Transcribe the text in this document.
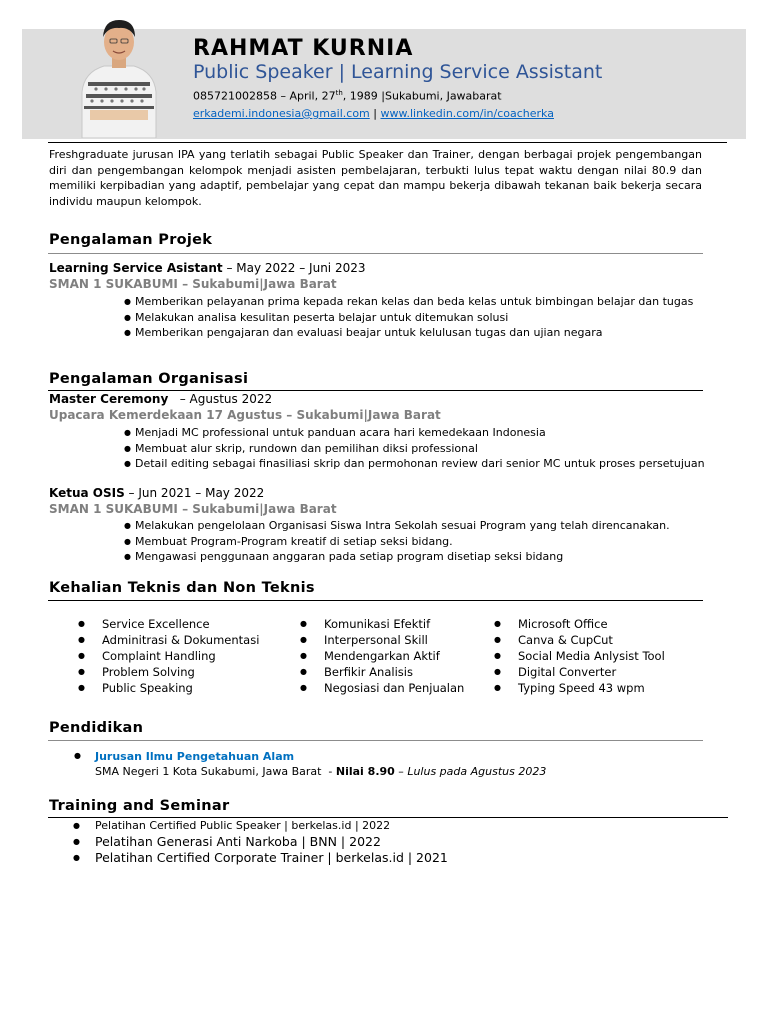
RAHMAT KURNIA
Public Speaker | Learning Service Assistant
085721002858 – April, 27th, 1989 |Sukabumi, Jawabarat
erkademi.indonesia@gmail.com | www.linkedin.com/in/coacherka
Freshgraduate jurusan IPA yang terlatih sebagai Public Speaker dan Trainer, dengan berbagai projek pengembangan diri dan pengembangan kelompok menjadi asisten pembelajaran, terbukti lulus tepat waktu dengan nilai 80.9 dan memiliki kerpibadian yang adaptif, pembelajar yang cepat dan mampu bekerja dibawah tekanan baik bekerja secara individu maupun kelompok.
Pengalaman Projek
Learning Service Asistant – May 2022 – Juni 2023
SMAN 1 SUKABUMI – Sukabumi|Jawa Barat
● Memberikan pelayanan prima kepada rekan kelas dan beda kelas untuk bimbingan belajar dan tugas
● Melakukan analisa kesulitan peserta belajar untuk ditemukan solusi
● Memberikan pengajaran dan evaluasi beajar untuk kelulusan tugas dan ujian negara
Pengalaman Organisasi
Master Ceremony   – Agustus 2022
Upacara Kemerdekaan 17 Agustus – Sukabumi|Jawa Barat
● Menjadi MC professional untuk panduan acara hari kemedekaan Indonesia
● Membuat alur skrip, rundown dan pemilihan diksi professional
● Detail editing sebagai finasiliasi skrip dan permohonan review dari senior MC untuk proses persetujuan
Ketua OSIS – Jun 2021 – May 2022
SMAN 1 SUKABUMI – Sukabumi|Jawa Barat
● Melakukan pengelolaan Organisasi Siswa Intra Sekolah sesuai Program yang telah direncanakan.
● Membuat Program-Program kreatif di setiap seksi bidang.
● Mengawasi penggunaan anggaran pada setiap program disetiap seksi bidang
Kehalian Teknis dan Non Teknis
● Service Excellence
● Adminitrasi & Dokumentasi
● Complaint Handling
● Problem Solving
● Public Speaking
● Komunikasi Efektif
● Interpersonal Skill
● Mendengarkan Aktif
● Berfikir Analisis
● Negosiasi dan Penjualan
● Microsoft Office
● Canva & CupCut
● Social Media Anlysist Tool
● Digital Converter
● Typing Speed 43 wpm
Pendidikan
● Jurusan Ilmu Pengetahuan Alam
SMA Negeri 1 Kota Sukabumi, Jawa Barat  - Nilai 8.90 – Lulus pada Agustus 2023
Training and Seminar
● Pelatihan Certified Public Speaker | berkelas.id | 2022
● Pelatihan Generasi Anti Narkoba | BNN | 2022
● Pelatihan Certified Corporate Trainer | berkelas.id | 2021
